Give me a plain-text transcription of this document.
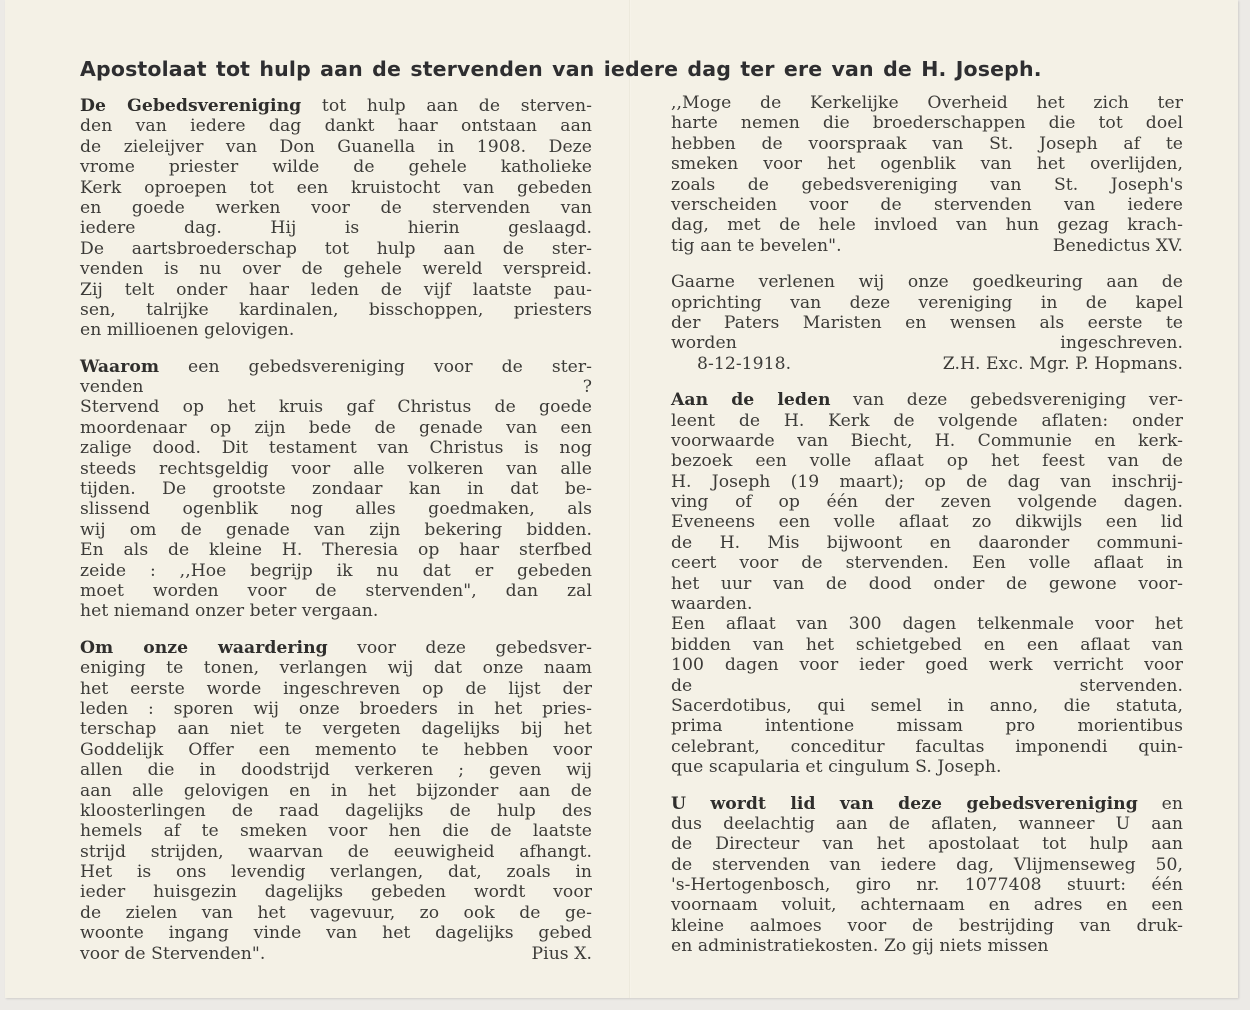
Apostolaat tot hulp aan de stervenden van iedere dag ter ere van de H. Joseph.
De Gebedsvereniging tot hulp aan de sterven-
den van iedere dag dankt haar ontstaan aan
de zieleijver van Don Guanella in 1908. Deze
vrome priester wilde de gehele katholieke
Kerk oproepen tot een kruistocht van gebeden
en goede werken voor de stervenden van
iedere dag. Hij is hierin geslaagd.
De aartsbroederschap tot hulp aan de ster-
venden is nu over de gehele wereld verspreid.
Zij telt onder haar leden de vijf laatste pau-
sen, talrijke kardinalen, bisschoppen, priesters
en millioenen gelovigen.
Waarom een gebedsvereniging voor de ster-
venden ?
Stervend op het kruis gaf Christus de goede
moordenaar op zijn bede de genade van een
zalige dood. Dit testament van Christus is nog
steeds rechtsgeldig voor alle volkeren van alle
tijden. De grootste zondaar kan in dat be-
slissend ogenblik nog alles goedmaken, als
wij om de genade van zijn bekering bidden.
En als de kleine H. Theresia op haar sterfbed
zeide : ,,Hoe begrijp ik nu dat er gebeden
moet worden voor de stervenden", dan zal
het niemand onzer beter vergaan.
Om onze waardering voor deze gebedsver-
eniging te tonen, verlangen wij dat onze naam
het eerste worde ingeschreven op de lijst der
leden : sporen wij onze broeders in het pries-
terschap aan niet te vergeten dagelijks bij het
Goddelijk Offer een memento te hebben voor
allen die in doodstrijd verkeren ; geven wij
aan alle gelovigen en in het bijzonder aan de
kloosterlingen de raad dagelijks de hulp des
hemels af te smeken voor hen die de laatste
strijd strijden, waarvan de eeuwigheid afhangt.
Het is ons levendig verlangen, dat, zoals in
ieder huisgezin dagelijks gebeden wordt voor
de zielen van het vagevuur, zo ook de ge-
woonte ingang vinde van het dagelijks gebed
voor de Stervenden".	Pius X.
,,Moge de Kerkelijke Overheid het zich ter
harte nemen die broederschappen die tot doel
hebben de voorspraak van St. Joseph af te
smeken voor het ogenblik van het overlijden,
zoals de gebedsvereniging van St. Joseph's
verscheiden voor de stervenden van iedere
dag, met de hele invloed van hun gezag krach-
tig aan te bevelen".	Benedictus XV.
Gaarne verlenen wij onze goedkeuring aan de
oprichting van deze vereniging in de kapel
der Paters Maristen en wensen als eerste te
worden ingeschreven.
8-12-1918.	Z.H. Exc. Mgr. P. Hopmans.
Aan de leden van deze gebedsvereniging ver-
leent de H. Kerk de volgende aflaten: onder
voorwaarde van Biecht, H. Communie en kerk-
bezoek een volle aflaat op het feest van de
H. Joseph (19 maart); op de dag van inschrij-
ving of op één der zeven volgende dagen.
Eveneens een volle aflaat zo dikwijls een lid
de H. Mis bijwoont en daaronder communi-
ceert voor de stervenden. Een volle aflaat in
het uur van de dood onder de gewone voor-
waarden.
Een aflaat van 300 dagen telkenmale voor het
bidden van het schietgebed en een aflaat van
100 dagen voor ieder goed werk verricht voor
de stervenden.
Sacerdotibus, qui semel in anno, die statuta,
prima intentione missam pro morientibus
celebrant, conceditur facultas imponendi quin-
que scapularia et cingulum S. Joseph.
U wordt lid van deze gebedsvereniging en
dus deelachtig aan de aflaten, wanneer U aan
de Directeur van het apostolaat tot hulp aan
de stervenden van iedere dag, Vlijmenseweg 50,
's-Hertogenbosch, giro nr. 1077408 stuurt: één
voornaam voluit, achternaam en adres en een
kleine aalmoes voor de bestrijding van druk-
en administratiekosten. Zo gij niets missen
